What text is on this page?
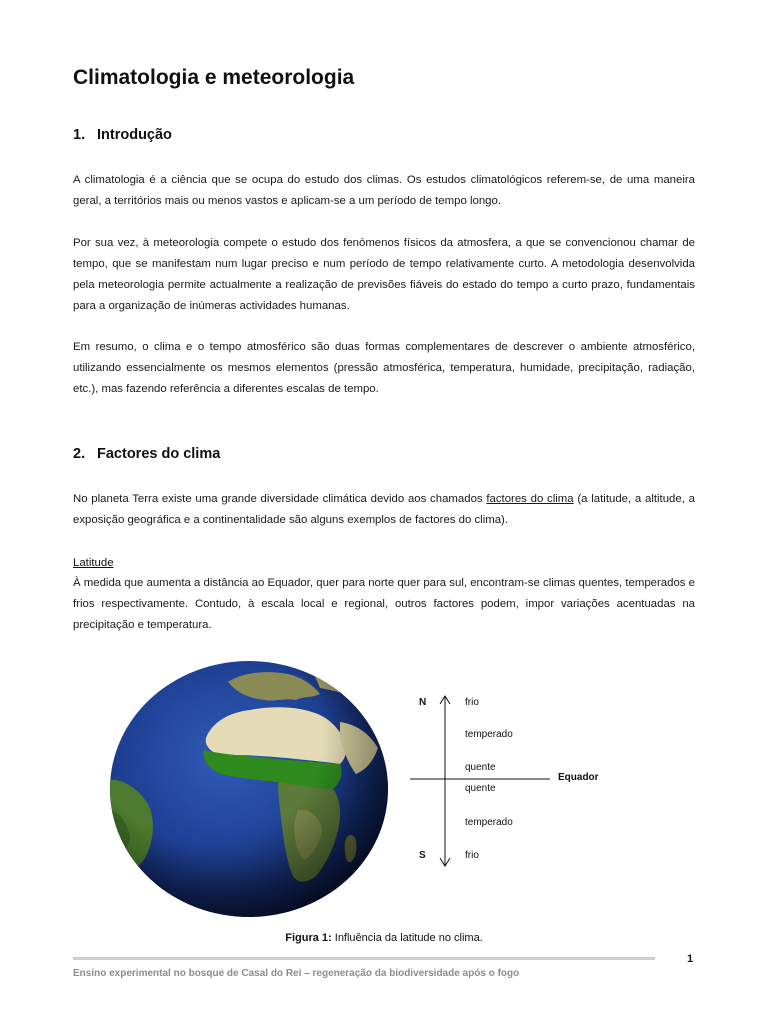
Climatologia e meteorologia
1. Introdução

A climatologia é a ciência que se ocupa do estudo dos climas. Os estudos climatológicos referem-se, de uma maneira geral, a territórios mais ou menos vastos e aplicam-se a um período de tempo longo.

Por sua vez, à meteorologia compete o estudo dos fenómenos físicos da atmosfera, a que se convencionou chamar de tempo, que se manifestam num lugar preciso e num período de tempo relativamente curto. A metodologia desenvolvida pela meteorologia permite actualmente a realização de previsões fiáveis do estado do tempo a curto prazo, fundamentais para a organização de inúmeras actividades humanas.

Em resumo, o clima e o tempo atmosférico são duas formas complementares de descrever o ambiente atmosférico, utilizando essencialmente os mesmos elementos (pressão atmosférica, temperatura, humidade, precipitação, radiação, etc.), mas fazendo referência a diferentes escalas de tempo.

2. Factores do clima

No planeta Terra existe uma grande diversidade climática devido aos chamados factores do clima (a latitude, a altitude, a exposição geográfica e a continentalidade são alguns exemplos de factores do clima).

Latitude

À medida que aumenta a distância ao Equador, quer para norte quer para sul, encontram-se climas quentes, temperados e frios respectivamente. Contudo, à escala local e regional, outros factores podem, impor variações acentuadas na precipitação e temperatura.

N
S
Equador
frio
temperado
quente
quente
temperado
frio
Figura 1: Influência da latitude no clima.
1
Ensino experimental no bosque de Casal do Rei – regeneração da biodiversidade após o fogo
